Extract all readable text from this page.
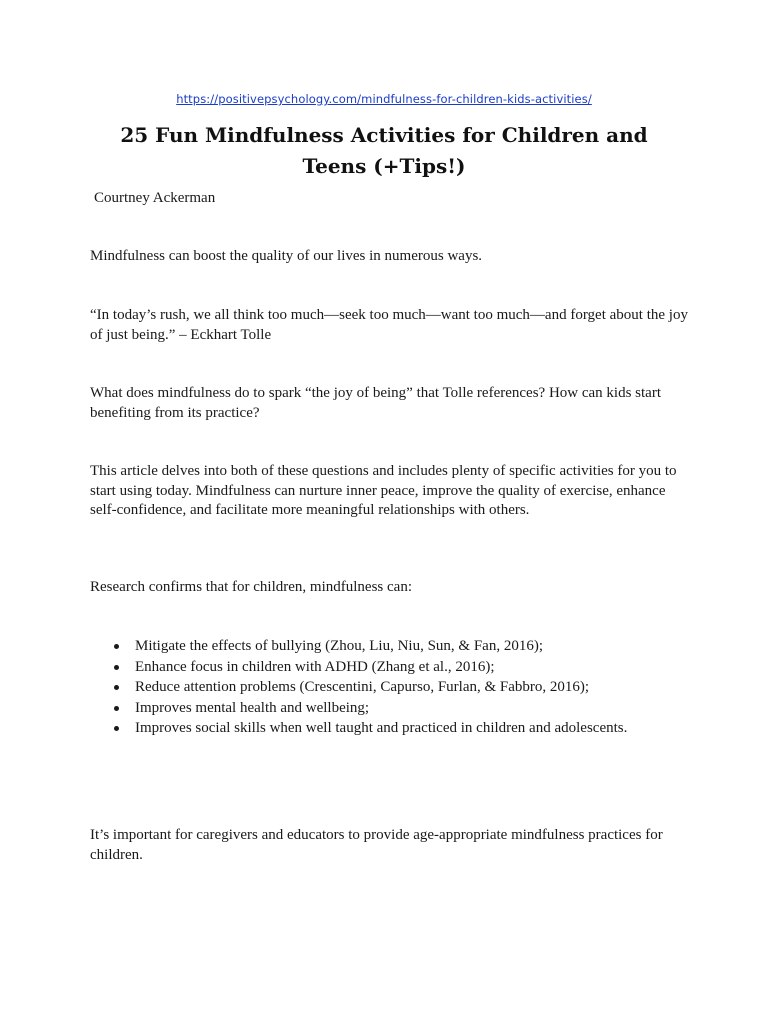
https://positivepsychology.com/mindfulness-for-children-kids-activities/
25 Fun Mindfulness Activities for Children and
Teens (+Tips!)
Courtney Ackerman
Mindfulness can boost the quality of our lives in numerous ways.
“In today’s rush, we all think too much—seek too much—want too much—and forget about the joy of just being.” – Eckhart Tolle
What does mindfulness do to spark “the joy of being” that Tolle references? How can kids start benefiting from its practice?
This article delves into both of these questions and includes plenty of specific activities for you to start using today. Mindfulness can nurture inner peace, improve the quality of exercise, enhance self-confidence, and facilitate more meaningful relationships with others.
Research confirms that for children, mindfulness can:
Mitigate the effects of bullying (Zhou, Liu, Niu, Sun, & Fan, 2016);
Enhance focus in children with ADHD (Zhang et al., 2016);
Reduce attention problems (Crescentini, Capurso, Furlan, & Fabbro, 2016);
Improves mental health and wellbeing;
Improves social skills when well taught and practiced in children and adolescents.
It’s important for caregivers and educators to provide age-appropriate mindfulness practices for children.
